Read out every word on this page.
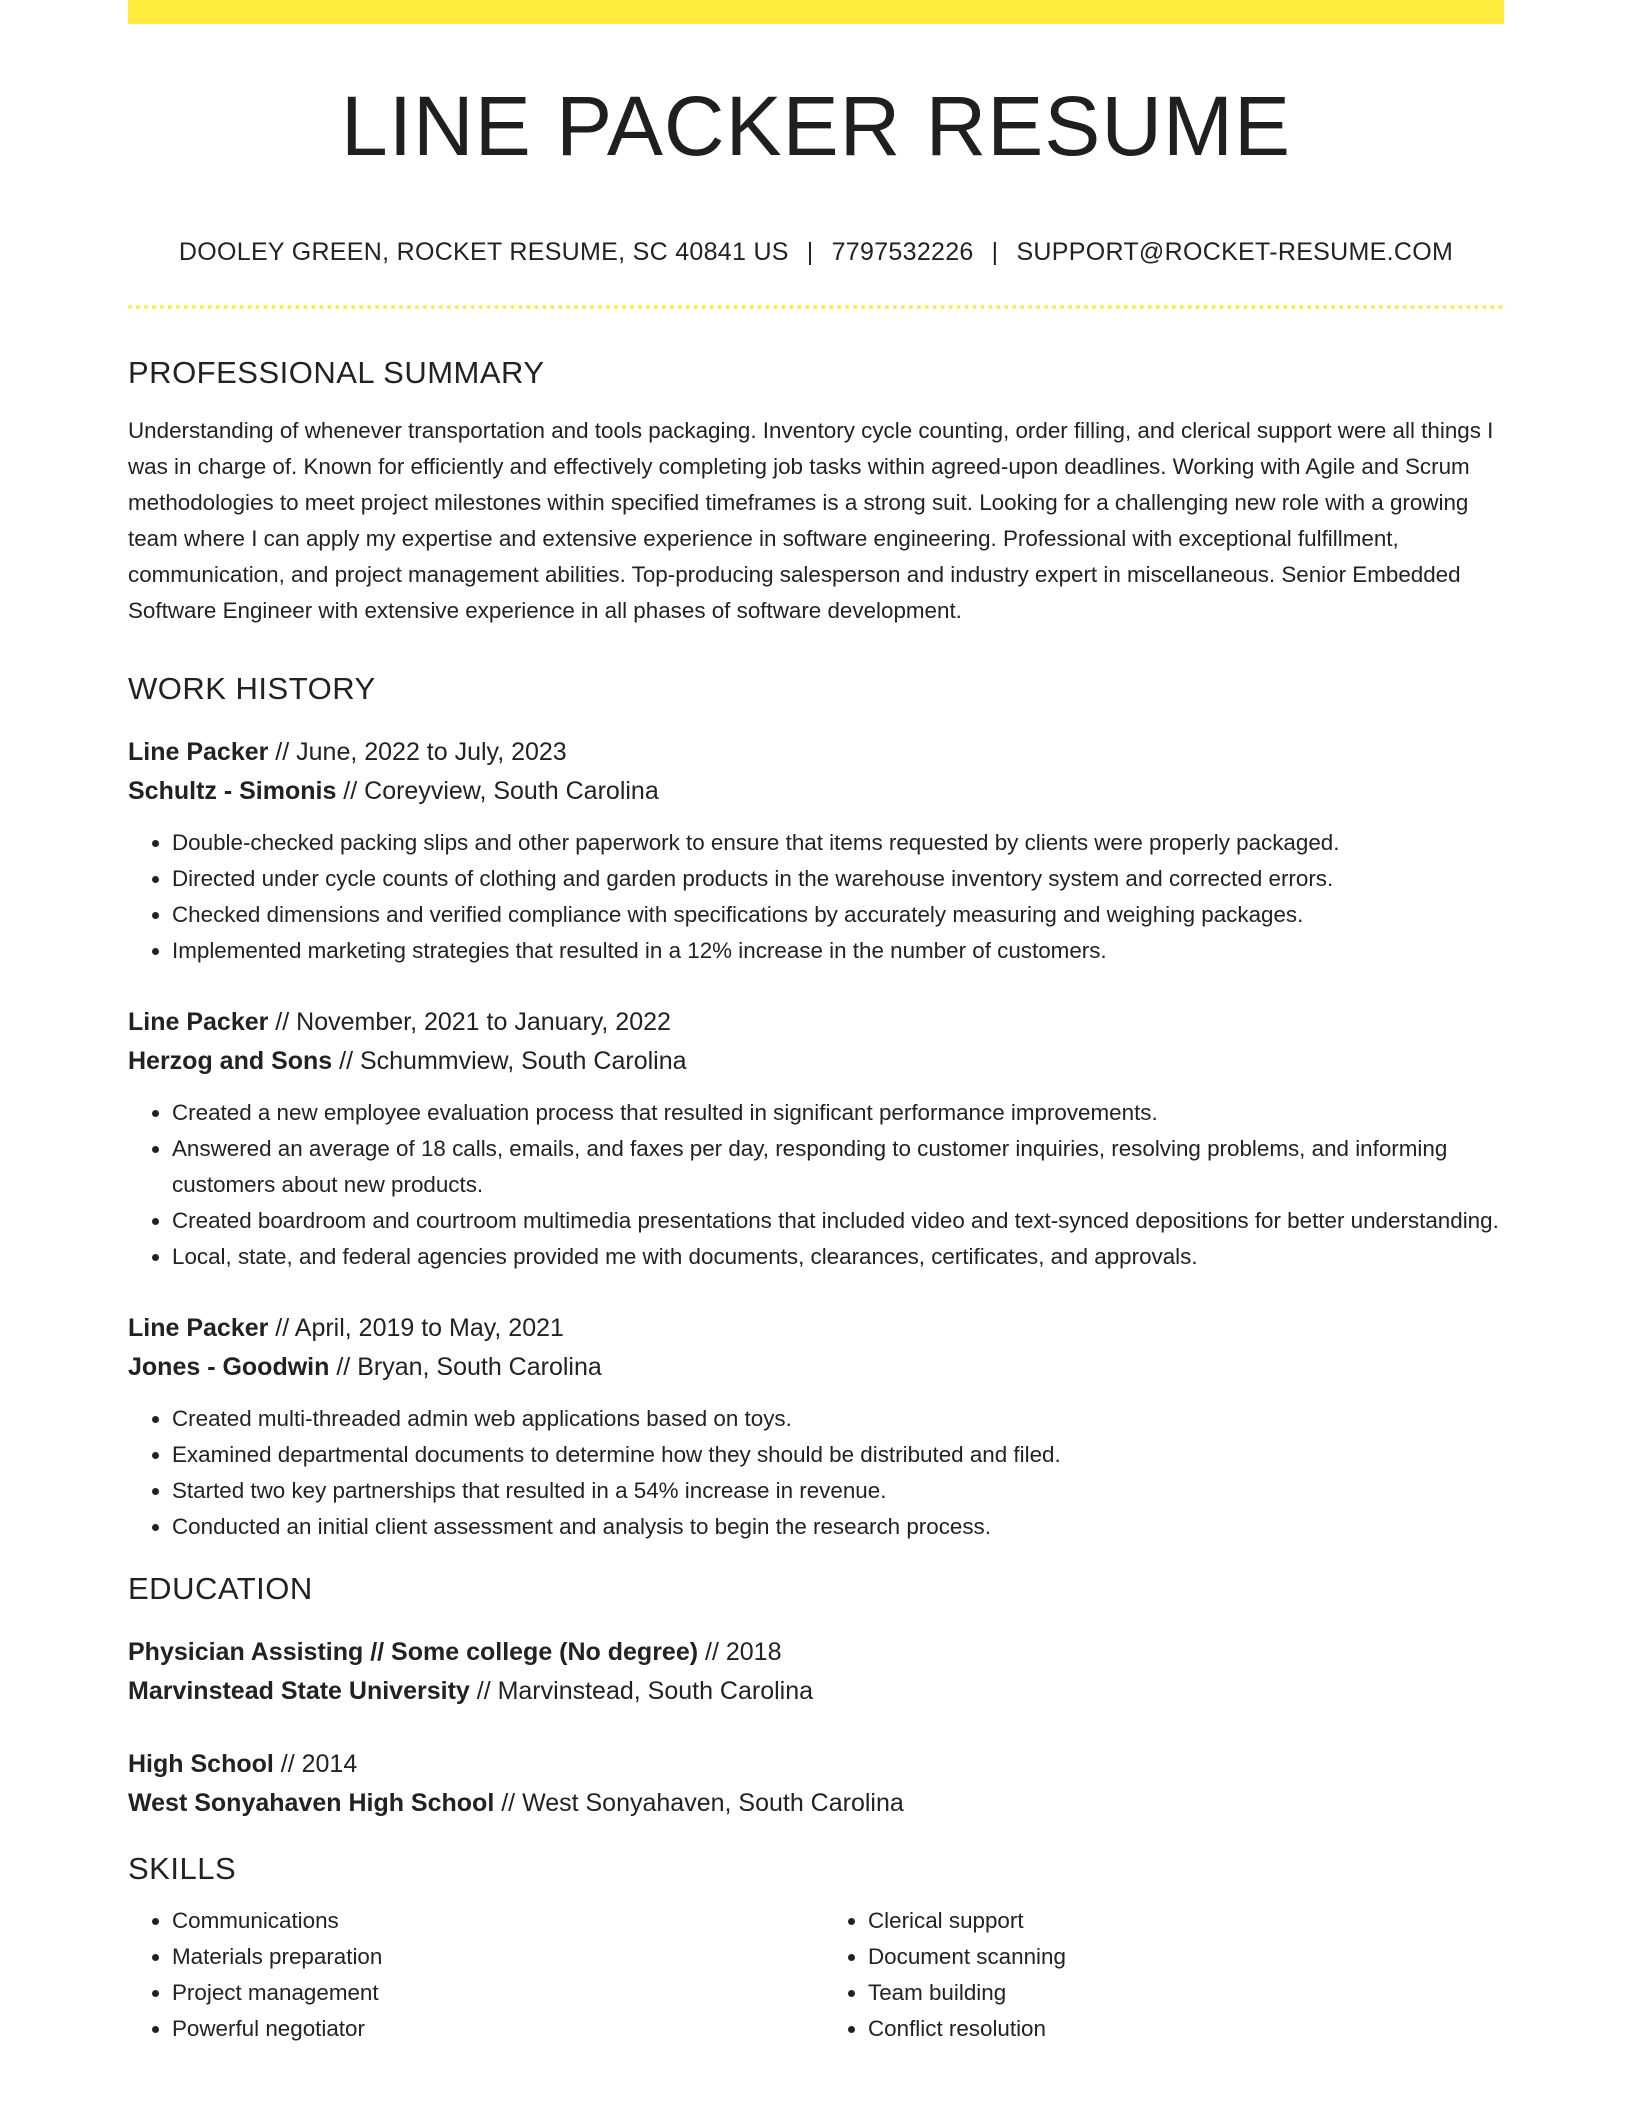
LINE PACKER RESUME
DOOLEY GREEN, ROCKET RESUME, SC 40841 US | 7797532226 | SUPPORT@ROCKET-RESUME.COM
PROFESSIONAL SUMMARY
Understanding of whenever transportation and tools packaging. Inventory cycle counting, order filling, and clerical support were all things I was in charge of. Known for efficiently and effectively completing job tasks within agreed-upon deadlines. Working with Agile and Scrum methodologies to meet project milestones within specified timeframes is a strong suit. Looking for a challenging new role with a growing team where I can apply my expertise and extensive experience in software engineering. Professional with exceptional fulfillment, communication, and project management abilities. Top-producing salesperson and industry expert in miscellaneous. Senior Embedded Software Engineer with extensive experience in all phases of software development.
WORK HISTORY
Line Packer // June, 2022 to July, 2023
Schultz - Simonis // Coreyview, South Carolina
• Double-checked packing slips and other paperwork to ensure that items requested by clients were properly packaged.
• Directed under cycle counts of clothing and garden products in the warehouse inventory system and corrected errors.
• Checked dimensions and verified compliance with specifications by accurately measuring and weighing packages.
• Implemented marketing strategies that resulted in a 12% increase in the number of customers.
Line Packer // November, 2021 to January, 2022
Herzog and Sons // Schummview, South Carolina
• Created a new employee evaluation process that resulted in significant performance improvements.
• Answered an average of 18 calls, emails, and faxes per day, responding to customer inquiries, resolving problems, and informing customers about new products.
• Created boardroom and courtroom multimedia presentations that included video and text-synced depositions for better understanding.
• Local, state, and federal agencies provided me with documents, clearances, certificates, and approvals.
Line Packer // April, 2019 to May, 2021
Jones - Goodwin // Bryan, South Carolina
• Created multi-threaded admin web applications based on toys.
• Examined departmental documents to determine how they should be distributed and filed.
• Started two key partnerships that resulted in a 54% increase in revenue.
• Conducted an initial client assessment and analysis to begin the research process.
EDUCATION
Physician Assisting // Some college (No degree) // 2018
Marvinstead State University // Marvinstead, South Carolina
High School // 2014
West Sonyahaven High School // West Sonyahaven, South Carolina
SKILLS
• Communications
• Materials preparation
• Project management
• Powerful negotiator
• Clerical support
• Document scanning
• Team building
• Conflict resolution
